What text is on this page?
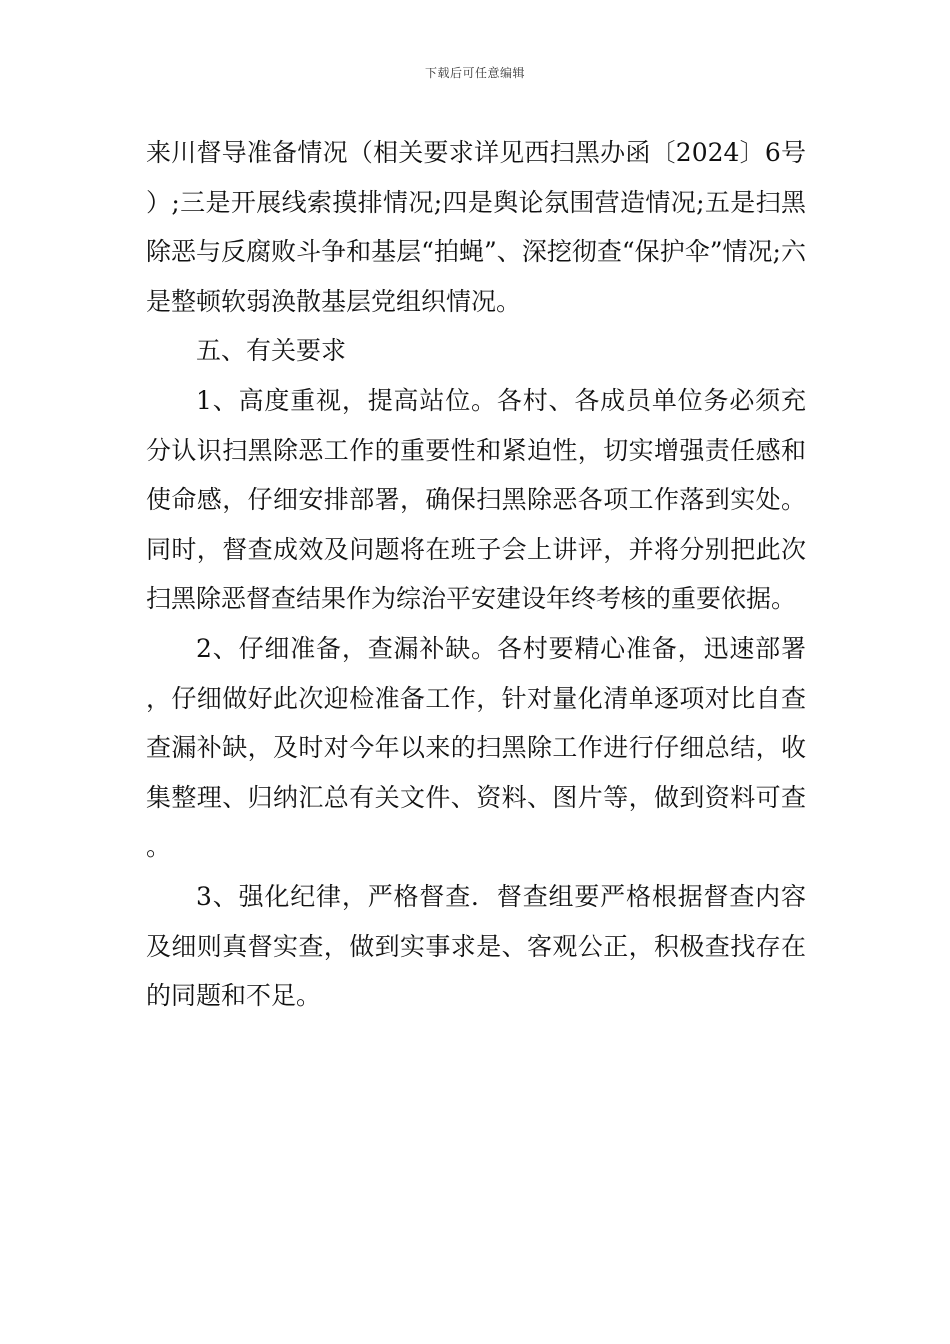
下载后可任意编辑

来川督导准备情况（相关要求详见西扫黑办函〔2024〕6号）;三是开展线索摸排情况;四是舆论氛围营造情况;五是扫黑除恶与反腐败斗争和基层“拍蝇”、深挖彻查“保护伞”情况;六是整顿软弱涣散基层党组织情况。

五、有关要求

1、高度重视，提高站位。各村、各成员单位务必须充分认识扫黑除恶工作的重要性和紧迫性，切实增强责任感和使命感，仔细安排部署，确保扫黑除恶各项工作落到实处。同时，督查成效及问题将在班子会上讲评，并将分别把此次扫黑除恶督查结果作为综治平安建设年终考核的重要依据。

2、仔细准备，查漏补缺。各村要精心准备，迅速部署，仔细做好此次迎检准备工作，针对量化清单逐项对比自查查漏补缺，及时对今年以来的扫黑除工作进行仔细总结，收集整理、归纳汇总有关文件、资料、图片等，做到资料可查。

3、强化纪律，严格督查．督查组要严格根据督查内容及细则真督实查，做到实事求是、客观公正，积极查找存在的同题和不足。
